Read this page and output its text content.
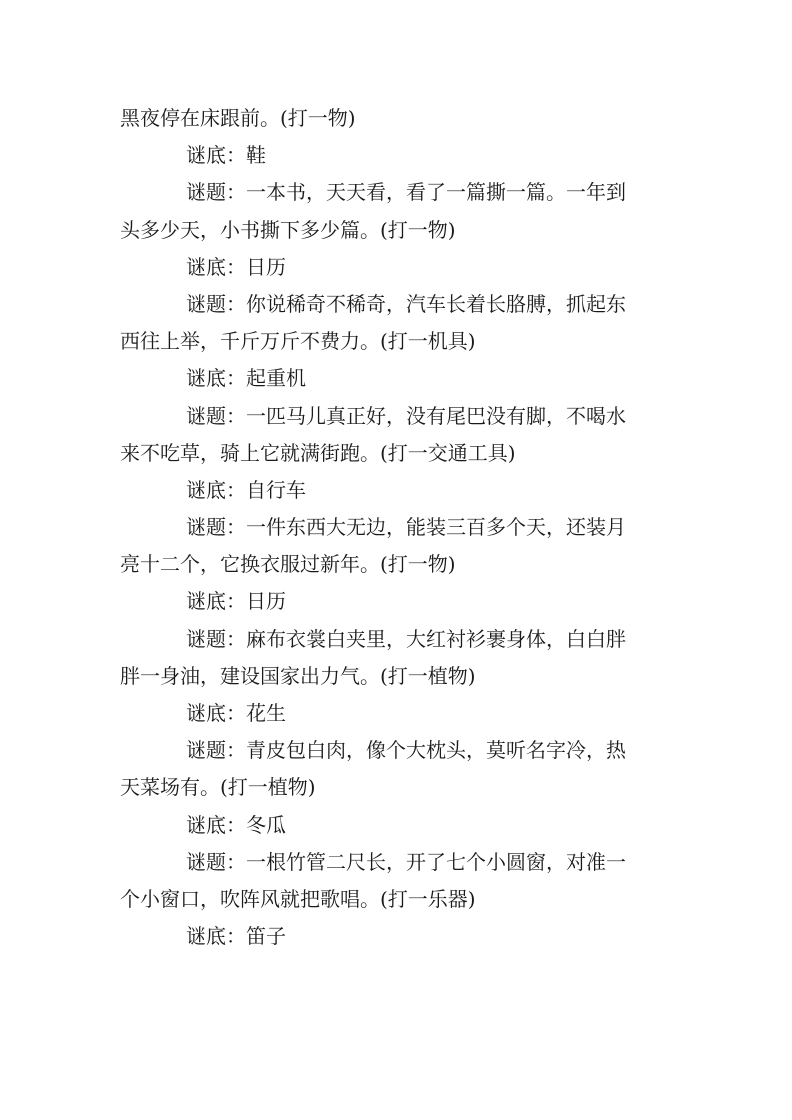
黑夜停在床跟前。(打一物)
谜底：鞋
谜题：一本书，天天看，看了一篇撕一篇。一年到
头多少天，小书撕下多少篇。(打一物)
谜底：日历
谜题：你说稀奇不稀奇，汽车长着长胳膊，抓起东
西往上举，千斤万斤不费力。(打一机具)
谜底：起重机
谜题：一匹马儿真正好，没有尾巴没有脚，不喝水
来不吃草，骑上它就满街跑。(打一交通工具)
谜底：自行车
谜题：一件东西大无边，能装三百多个天，还装月
亮十二个，它换衣服过新年。(打一物)
谜底：日历
谜题：麻布衣裳白夹里，大红衬衫裹身体，白白胖
胖一身油，建设国家出力气。(打一植物)
谜底：花生
谜题：青皮包白肉，像个大枕头，莫听名字冷，热
天菜场有。(打一植物)
谜底：冬瓜
谜题：一根竹管二尺长，开了七个小圆窗，对准一
个小窗口，吹阵风就把歌唱。(打一乐器)
谜底：笛子
